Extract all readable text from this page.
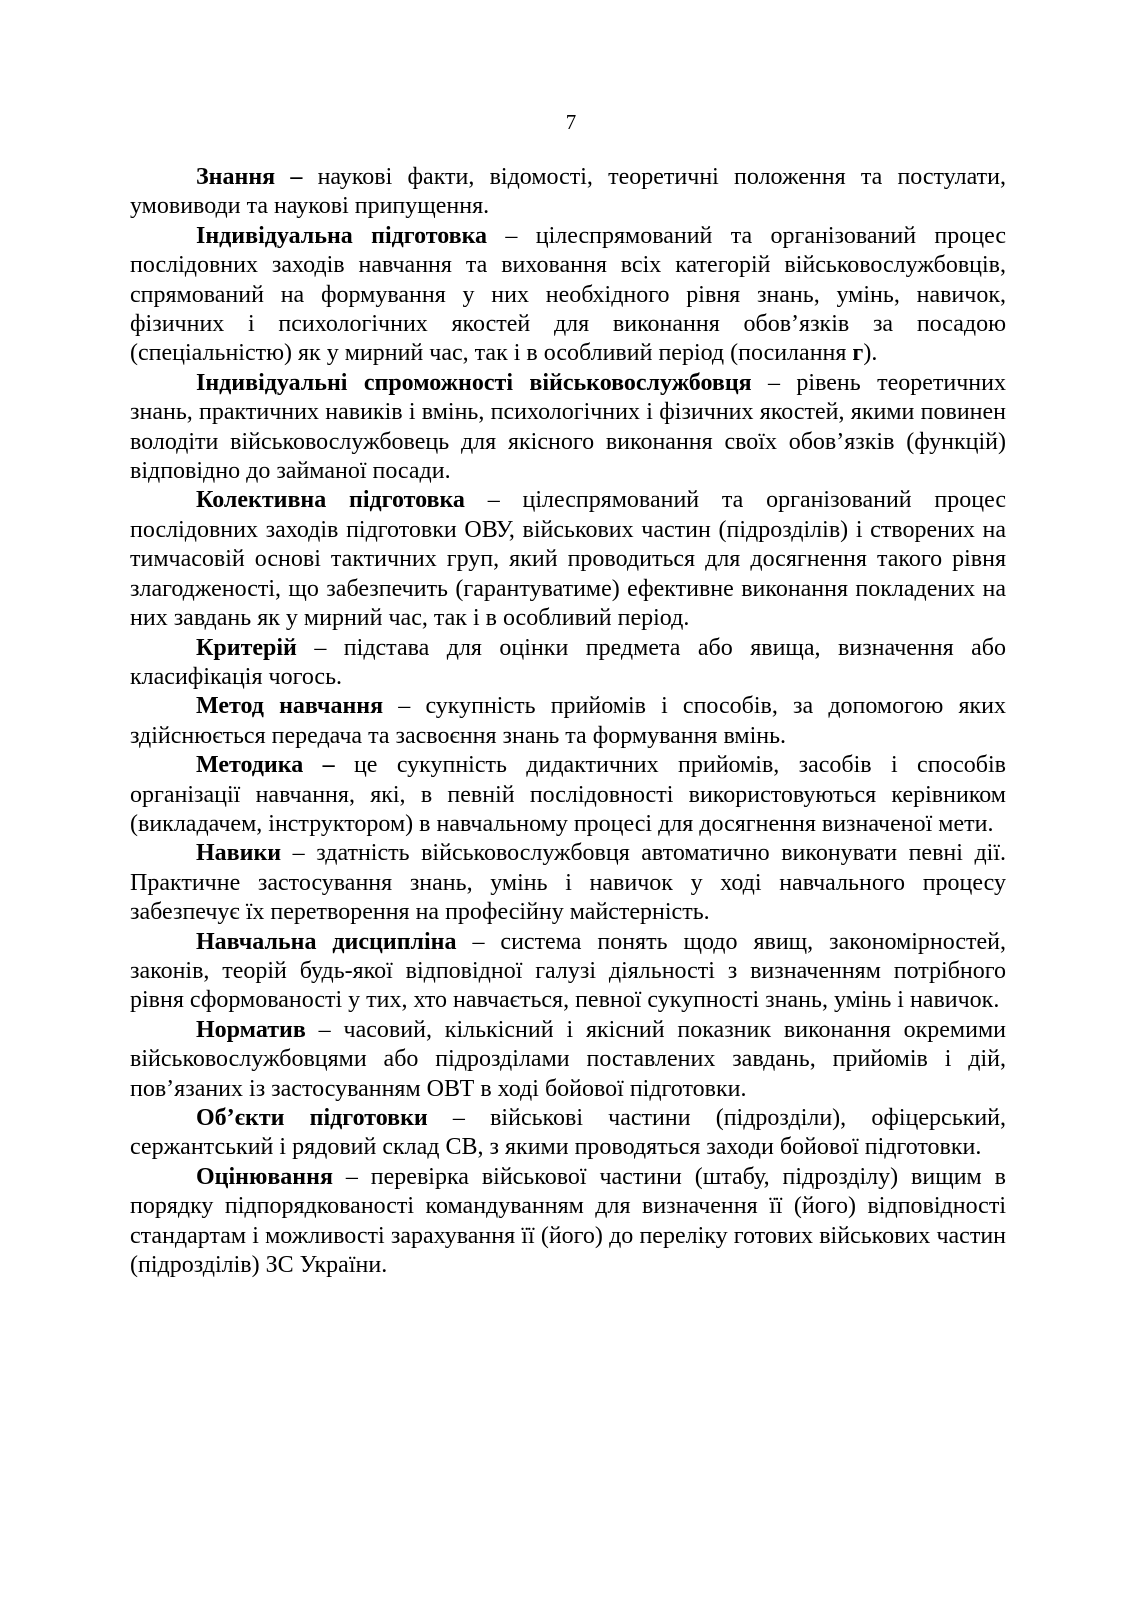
7

Знання – наукові факти, відомості, теоретичні положення та постулати, умовиводи та наукові припущення.

Індивідуальна підготовка – цілеспрямований та організований процес послідовних заходів навчання та виховання всіх категорій військовослужбовців, спрямований на формування у них необхідного рівня знань, умінь, навичок, фізичних і психологічних якостей для виконання обов’язків за посадою (спеціальністю) як у мирний час, так і в особливий період (посилання г).

Індивідуальні спроможності військовослужбовця – рівень теоретичних знань, практичних навиків і вмінь, психологічних і фізичних якостей, якими повинен володіти військовослужбовець для якісного виконання своїх обов’язків (функцій) відповідно до займаної посади.

Колективна підготовка – цілеспрямований та організований процес послідовних заходів підготовки ОВУ, військових частин (підрозділів) і створених на тимчасовій основі тактичних груп, який проводиться для досягнення такого рівня злагодженості, що забезпечить (гарантуватиме) ефективне виконання покладених на них завдань як у мирний час, так і в особливий період.

Критерій – підстава для оцінки предмета або явища, визначення або класифікація чогось.

Метод навчання – сукупність прийомів і способів, за допомогою яких здійснюється передача та засвоєння знань та формування вмінь.

Методика – це сукупність дидактичних прийомів, засобів і способів організації навчання, які, в певній послідовності використовуються керівником (викладачем, інструктором) в навчальному процесі для досягнення визначеної мети.

Навики – здатність військовослужбовця автоматично виконувати певні дії. Практичне застосування знань, умінь і навичок у ході навчального процесу забезпечує їх перетворення на професійну майстерність.

Навчальна дисципліна – система понять щодо явищ, закономірностей, законів, теорій будь-якої відповідної галузі діяльності з визначенням потрібного рівня сформованості у тих, хто навчається, певної сукупності знань, умінь і навичок.

Норматив – часовий, кількісний і якісний показник виконання окремими військовослужбовцями або підрозділами поставлених завдань, прийомів і дій, пов’язаних із застосуванням ОВТ в ході бойової підготовки.

Об’єкти підготовки – військові частини (підрозділи), офіцерський, сержантський і рядовий склад СВ, з якими проводяться заходи бойової підготовки.

Оцінювання – перевірка військової частини (штабу, підрозділу) вищим в порядку підпорядкованості командуванням для визначення її (його) відповідності стандартам і можливості зарахування її (його) до переліку готових військових частин (підрозділів) ЗС України.
